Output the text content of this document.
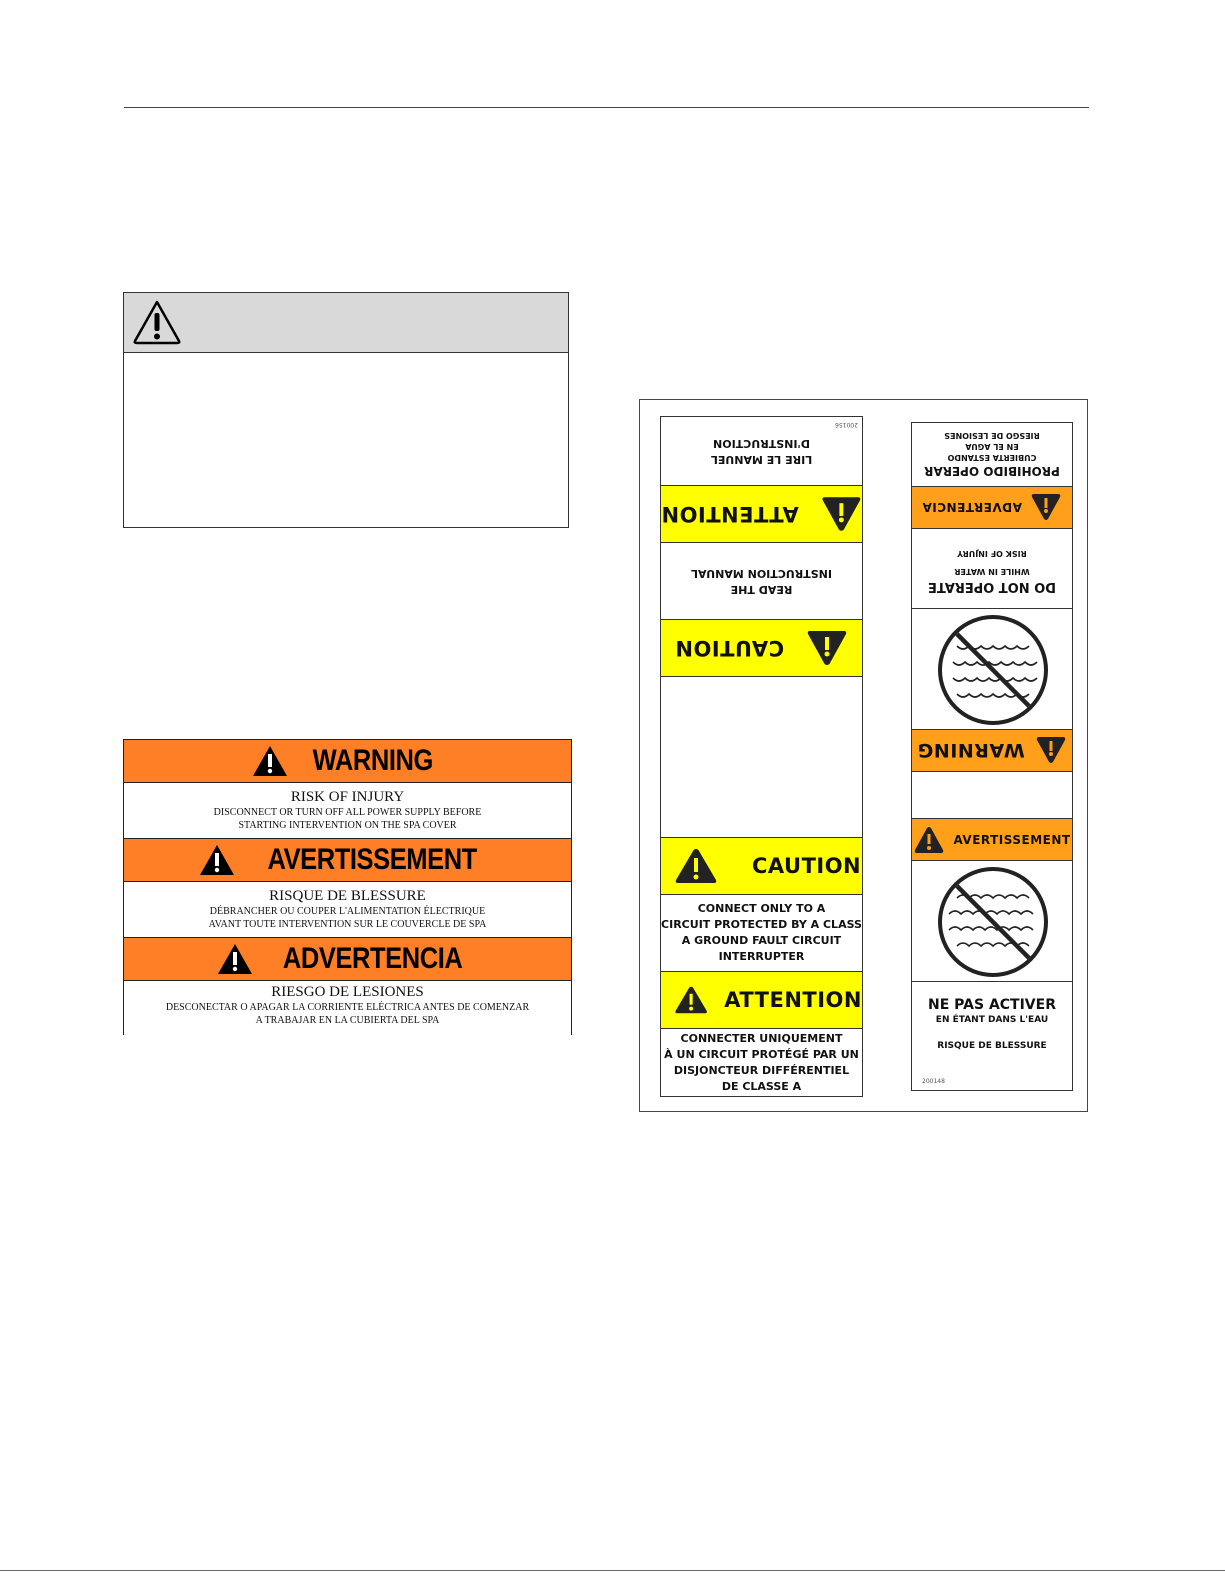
WARNING
RISK OF INJURY
DISCONNECT OR TURN OFF ALL POWER SUPPLY BEFORE
STARTING INTERVENTION ON THE SPA COVER
AVERTISSEMENT
RISQUE DE BLESSURE
DÉBRANCHER OU COUPER L'ALIMENTATION ÉLECTRIQUE
AVANT TOUTE INTERVENTION SUR LE COUVERCLE DE SPA
ADVERTENCIA
RIESGO DE LESIONES
DESCONECTAR O APAGAR LA CORRIENTE ELÉCTRICA ANTES DE COMENZAR
A TRABAJAR EN LA CUBIERTA DEL SPA
200156
LIRE LE MANUEL
D'INSTRUCTION
ATTENTION
READ THE
INSTRUCTION MANUAL
CAUTION
CAUTION
CONNECT ONLY TO A
CIRCUIT PROTECTED BY A CLASS
A GROUND FAULT CIRCUIT
INTERRUPTER
ATTENTION
CONNECTER UNIQUEMENT
À UN CIRCUIT PROTÉGÉ PAR UN
DISJONCTEUR DIFFÉRENTIEL
DE CLASSE A
PROHIBIDO OPERAR
CUBIERTA ESTANDO
EN EL AGUA
RIESGO DE LESIONES
ADVERTENCIA
DO NOT OPERATE
WHILE IN WATER
RISK OF INJURY
WARNING
AVERTISSEMENT
NE PAS ACTIVER
EN ÉTANT DANS L'EAU
RISQUE DE BLESSURE
200148
